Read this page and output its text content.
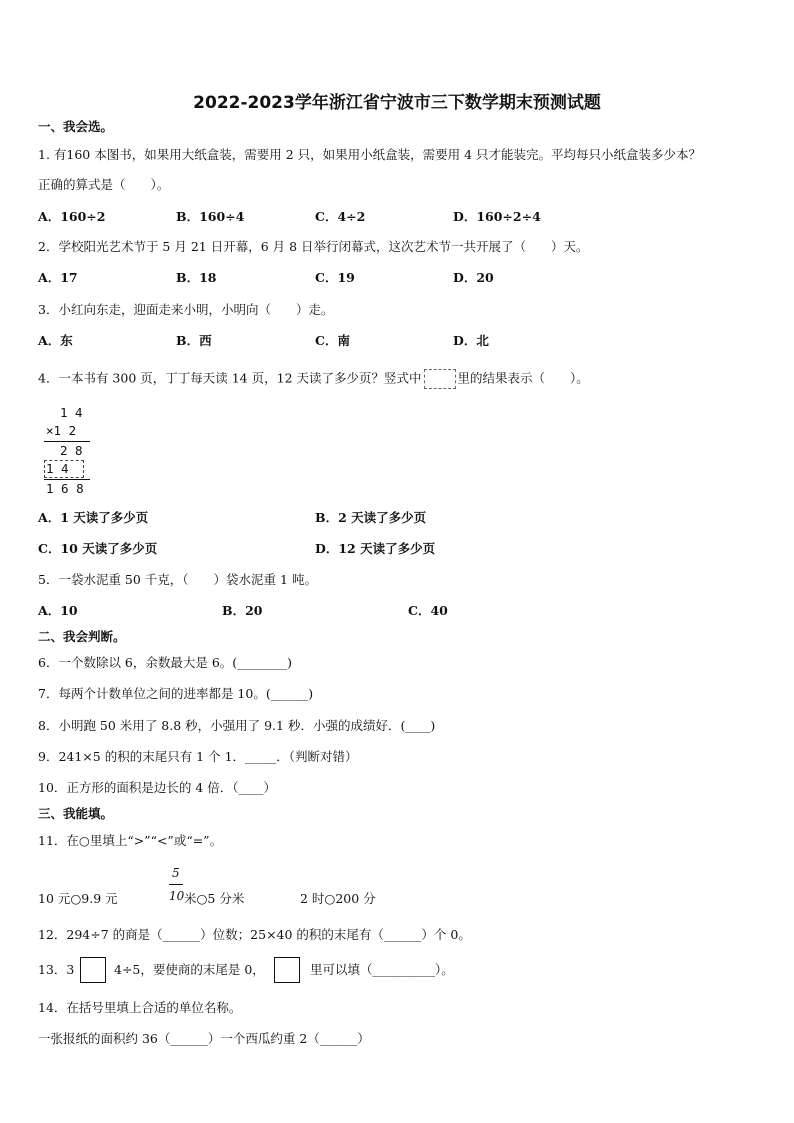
2022-2023学年浙江省宁波市三下数学期末预测试题
一、我会选。
1. 有160 本图书，如果用大纸盒装，需要用 2 只，如果用小纸盒装，需要用 4 只才能装完。平均每只小纸盒装多少本？
正确的算式是（　　）。
A．160÷2	B．160÷4	C．4÷2	D．160÷2÷4
2．学校阳光艺术节于 5 月 21 日开幕，6 月 8 日举行闭幕式，这次艺术节一共开展了（　　）天。
A．17	B．18	C．19	D．20
3．小红向东走，迎面走来小明，小明向（　　）走。
A．东	B．西	C．南	D．北
4．一本书有 300 页，丁丁每天读 14 页，12 天读了多少页？竖式中	里的结果表示（　　）。
1 4
×1 2
2 8
1 4
1 6 8
A．1 天读了多少页	B．2 天读了多少页
C．10 天读了多少页	D．12 天读了多少页
5．一袋水泥重 50 千克，（　　）袋水泥重 1 吨。
A．10	B．20	C．40
二、我会判断。
6．一个数除以 6，余数最大是 6。(________)
7．每两个计数单位之间的进率都是 10。(______)
8．小明跑 50 米用了 8.8 秒，小强用了 9.1 秒．小强的成绩好．(____)
9．241×5 的积的末尾只有 1 个 1．_____．（判断对错）
10．正方形的面积是边长的 4 倍．（____）
三、我能填。
11．在○里填上“>”“<”或“=”。
5
10 元○9.9 元	10 米○5 分米	2 时○200 分
12．294÷7 的商是（______）位数；25×40 的积的末尾有（______）个 0。
13．3	4÷5，要使商的末尾是 0，	里可以填（__________）。
14．在括号里填上合适的单位名称。
一张报纸的面积约 36（______）一个西瓜约重 2（______）
